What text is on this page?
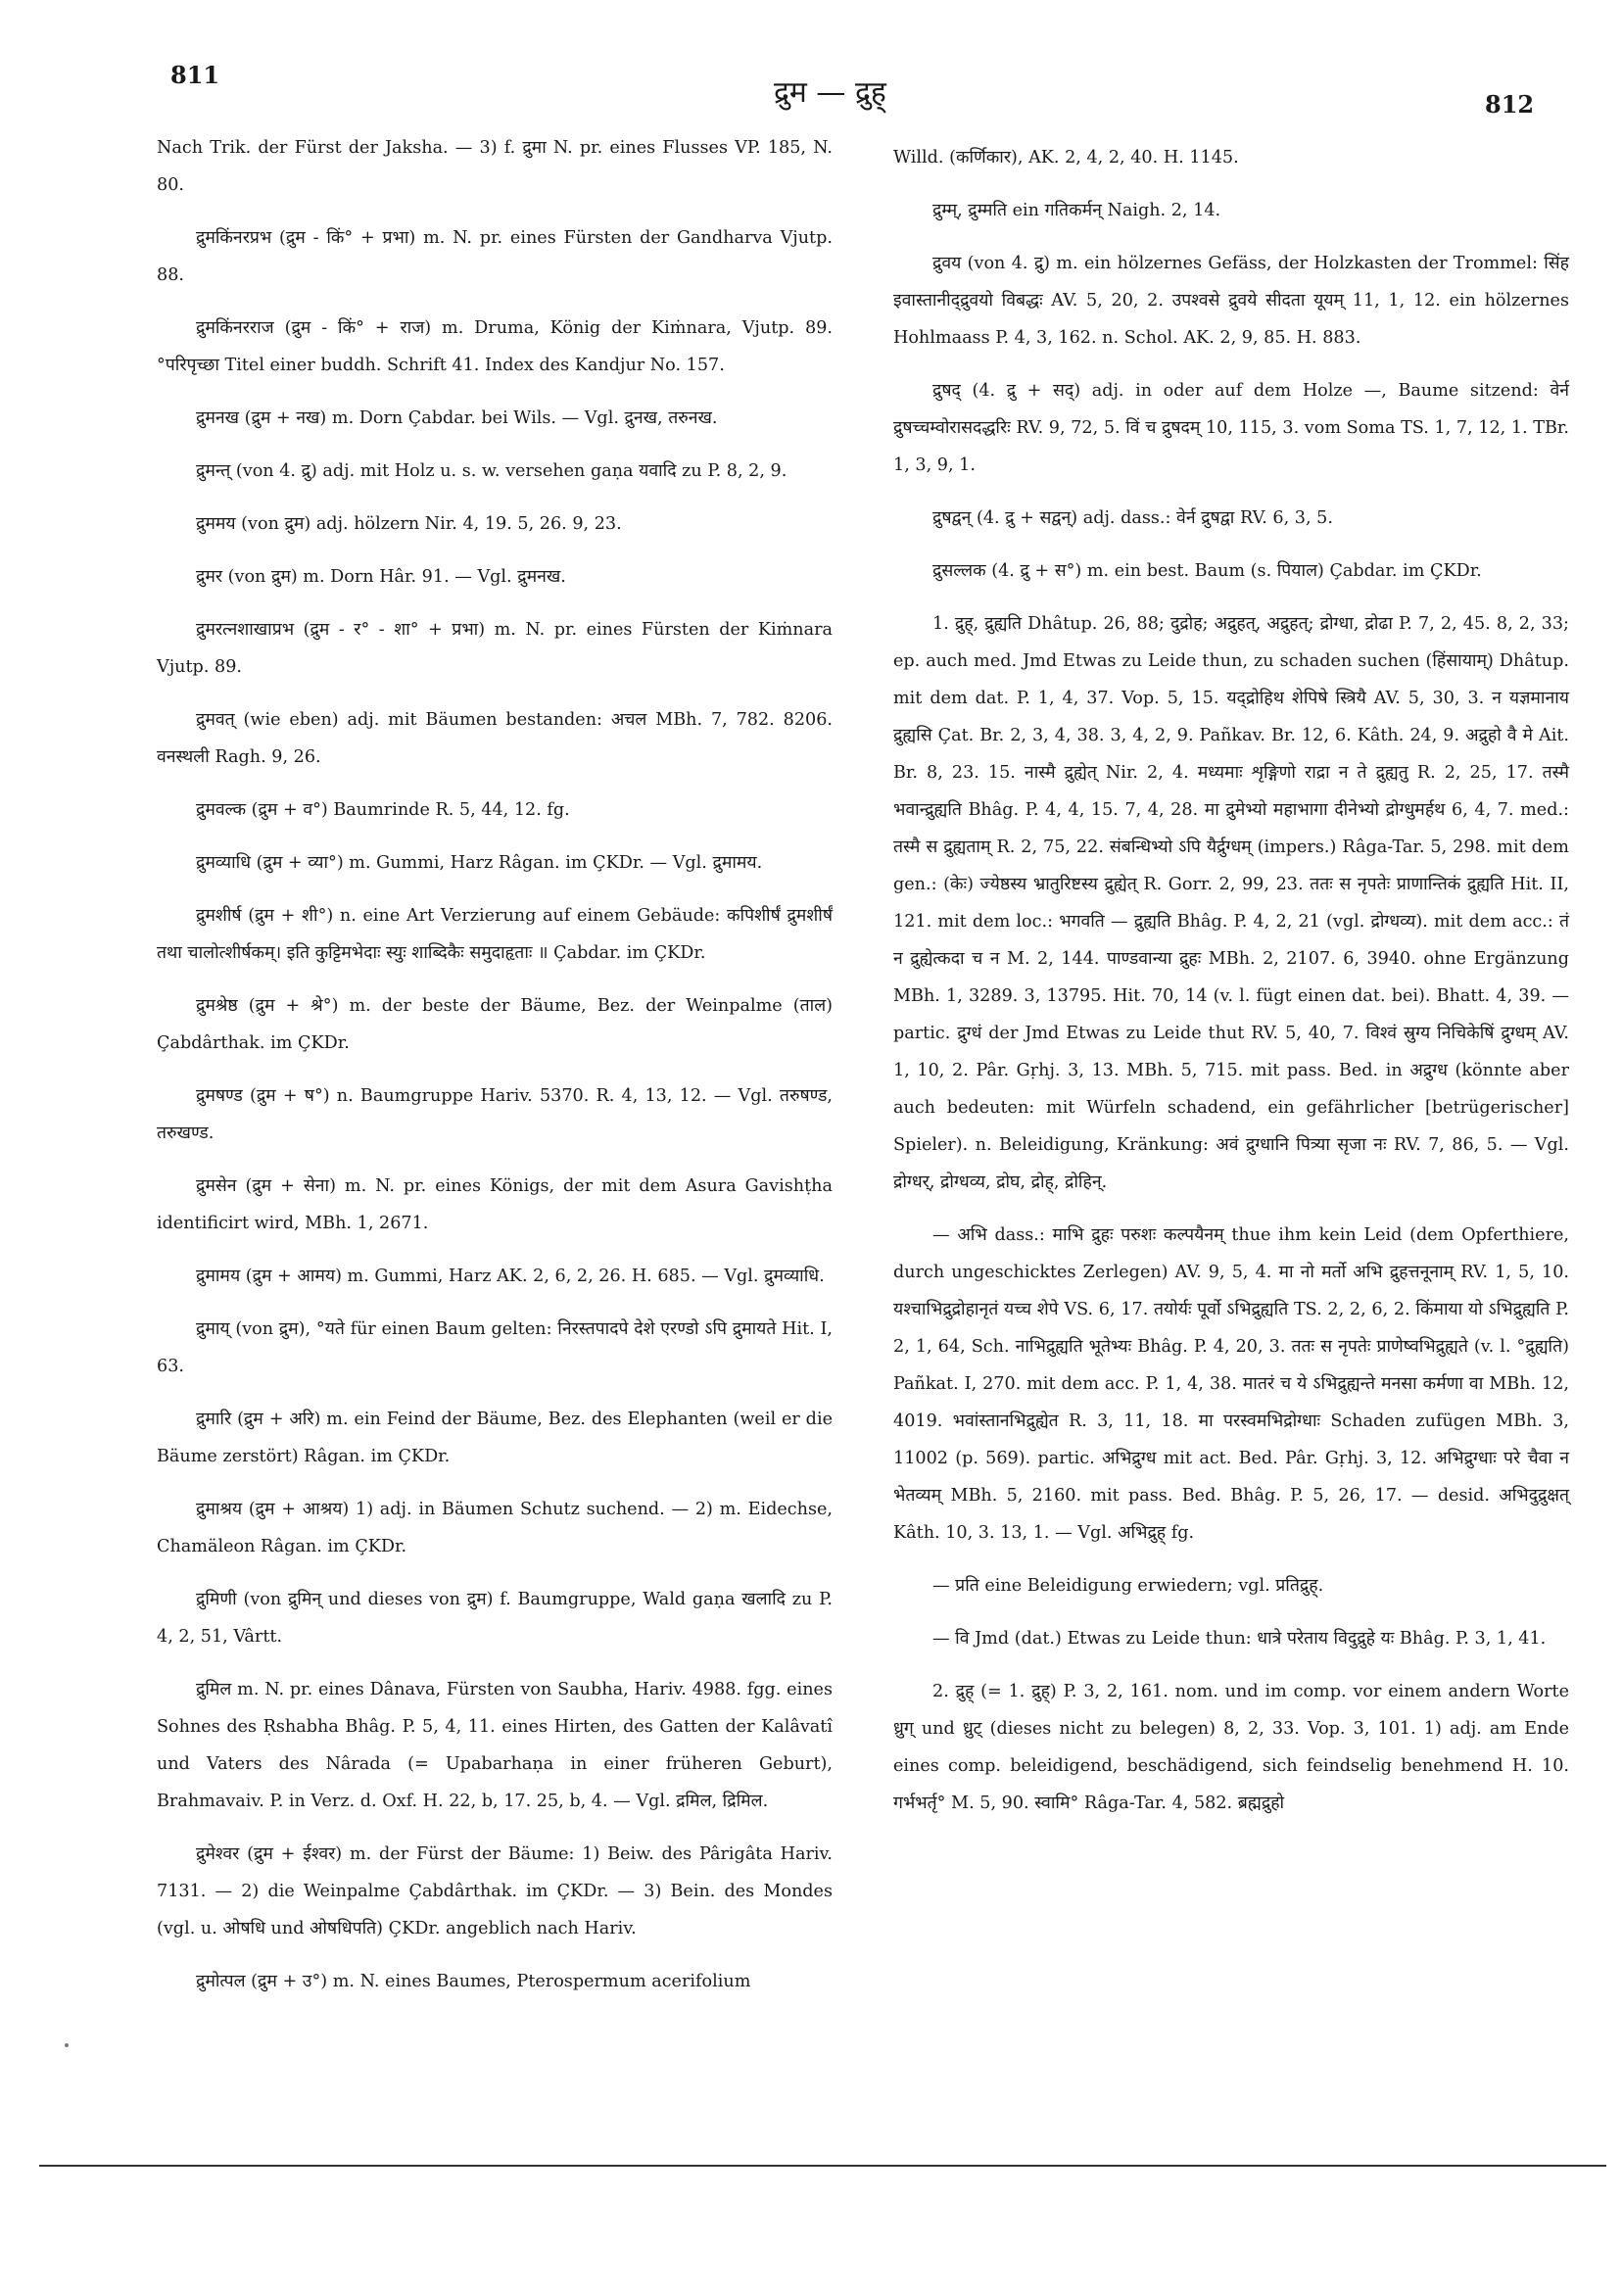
811
द्रुम — द्रुह्	812

Nach Trik. der Fürst der Jaksha. — 3) f. द्रुमा N. pr. eines Flusses VP. 185, N. 80.

द्रुमकिंनरप्रभ (द्रुम - किं° + प्रभा) m. N. pr. eines Fürsten der Gandharva Vjutp. 88.

द्रुमकिंनरराज (द्रुम - किं° + राज) m. Druma, König der Kiṁnara, Vjutp. 89. °परिपृच्छा Titel einer buddh. Schrift 41. Index des Kandjur No. 157.

द्रुमनख (द्रुम + नख) m. Dorn Çabdar. bei Wils. — Vgl. द्रुनख, तरुनख.

द्रुमन्त् (von 4. द्रु) adj. mit Holz u. s. w. versehen gaṇa यवादि zu P. 8, 2, 9.

द्रुममय (von द्रुम) adj. hölzern Nir. 4, 19. 5, 26. 9, 23.

द्रुमर (von द्रुम) m. Dorn Hâr. 91. — Vgl. द्रुमनख.

द्रुमरत्नशाखाप्रभ (द्रुम - र° - शा° + प्रभा) m. N. pr. eines Fürsten der Kiṁnara Vjutp. 89.

द्रुमवत् (wie eben) adj. mit Bäumen bestanden: अचल MBh. 7, 782. 8206. वनस्थली Ragh. 9, 26.

द्रुमवल्क (द्रुम + व°) Baumrinde R. 5, 44, 12. fg.

द्रुमव्याधि (द्रुम + व्या°) m. Gummi, Harz Râgan. im ÇKDr. — Vgl. द्रुमामय.

द्रुमशीर्ष (द्रुम + शी°) n. eine Art Verzierung auf einem Gebäude: कपिशीर्षं द्रुमशीर्षं तथा चालोत्शीर्षकम्। इति कुट्टिमभेदाः स्युः शाब्दिकैः समुदाहृताः ॥ Çabdar. im ÇKDr.

द्रुमश्रेष्ठ (द्रुम + श्रे°) m. der beste der Bäume, Bez. der Weinpalme (ताल) Çabdârthak. im ÇKDr.

द्रुमषण्ड (द्रुम + ष°) n. Baumgruppe Hariv. 5370. R. 4, 13, 12. — Vgl. तरुषण्ड, तरुखण्ड.

द्रुमसेन (द्रुम + सेना) m. N. pr. eines Königs, der mit dem Asura Gavishṭha identificirt wird, MBh. 1, 2671.

द्रुमामय (द्रुम + आमय) m. Gummi, Harz AK. 2, 6, 2, 26. H. 685. — Vgl. द्रुमव्याधि.

द्रुमाय् (von द्रुम), °यते für einen Baum gelten: निरस्तपादपे देशे एरण्डो ऽपि द्रुमायते Hit. I, 63.

द्रुमारि (द्रुम + अरि) m. ein Feind der Bäume, Bez. des Elephanten (weil er die Bäume zerstört) Râgan. im ÇKDr.

द्रुमाश्रय (द्रुम + आश्रय) 1) adj. in Bäumen Schutz suchend. — 2) m. Eidechse, Chamäleon Râgan. im ÇKDr.

द्रुमिणी (von द्रुमिन् und dieses von द्रुम) f. Baumgruppe, Wald gaṇa खलादि zu P. 4, 2, 51, Vârtt.

द्रुमिल m. N. pr. eines Dânava, Fürsten von Saubha, Hariv. 4988. fgg. eines Sohnes des Ṛshabha Bhâg. P. 5, 4, 11. eines Hirten, des Gatten der Kalâvatî und Vaters des Nârada (= Upabarhaṇa in einer früheren Geburt), Brahmavaiv. P. in Verz. d. Oxf. H. 22, b, 17. 25, b, 4. — Vgl. द्रमिल, द्रिमिल.

द्रुमेश्वर (द्रुम + ईश्वर) m. der Fürst der Bäume: 1) Beiw. des Pârigâta Hariv. 7131. — 2) die Weinpalme Çabdârthak. im ÇKDr. — 3) Bein. des Mondes (vgl. u. ओषधि und ओषधिपति) ÇKDr. angeblich nach Hariv.

द्रुमोत्पल (द्रुम + उ°) m. N. eines Baumes, Pterospermum acerifolium

Willd. (कर्णिकार), AK. 2, 4, 2, 40. H. 1145.

द्रुम्म्, द्रुम्मति ein गतिकर्मन् Naigh. 2, 14.

द्रुवय (von 4. द्रु) m. ein hölzernes Gefäss, der Holzkasten der Trommel: सिंह इवास्तानीद्द्रुवयो विबद्धः AV. 5, 20, 2. उपश्वसे द्रुवये सीदता यूयम् 11, 1, 12. ein hölzernes Hohlmaass P. 4, 3, 162. n. Schol. AK. 2, 9, 85. H. 883.

द्रुषद् (4. द्रु + सद्) adj. in oder auf dem Holze —, Baume sitzend: वेर्न द्रुषच्चम्वोरासदद्धरिः RV. 9, 72, 5. विं च द्रुषदम् 10, 115, 3. vom Soma TS. 1, 7, 12, 1. TBr. 1, 3, 9, 1.

द्रुषद्वन् (4. द्रु + सद्वन्) adj. dass.: वेर्न द्रुषद्वा RV. 6, 3, 5.

द्रुसल्लक (4. द्रु + स°) m. ein best. Baum (s. पियाल) Çabdar. im ÇKDr.

1. द्रुह्, द्रुह्यति Dhâtup. 26, 88; दुद्रोह; अद्रुहत्, अद्रुहत्; द्रोग्धा, द्रोढा P. 7, 2, 45. 8, 2, 33; ep. auch med. Jmd Etwas zu Leide thun, zu schaden suchen (हिंसायाम्) Dhâtup. mit dem dat. P. 1, 4, 37. Vop. 5, 15. यद्द्रोहिथ शेपिषे स्त्रियै AV. 5, 30, 3. न यज्ञमानाय द्रुह्यसि Çat. Br. 2, 3, 4, 38. 3, 4, 2, 9. Pañkav. Br. 12, 6. Kâth. 24, 9. अद्रुहो वै मे Ait. Br. 8, 23. 15. नास्मै द्रुह्येत् Nir. 2, 4. मध्यमाः शृङ्गिणो राद्रा न ते द्रुह्यतु R. 2, 25, 17. तस्मै भवान्द्रुह्यति Bhâg. P. 4, 4, 15. 7, 4, 28. मा द्रुमेभ्यो महाभागा दीनेभ्यो द्रोग्धुमर्हथ 6, 4, 7. med.: तस्मै स द्रुह्यताम् R. 2, 75, 22. संबन्धिभ्यो ऽपि यैर्द्रुग्धम् (impers.) Râga-Tar. 5, 298. mit dem gen.: (केः) ज्येष्ठस्य भ्रातुरिष्टस्य द्रुह्येत् R. Gorr. 2, 99, 23. ततः स नृपतेः प्राणान्तिकं द्रुह्यति Hit. II, 121. mit dem loc.: भगवति — द्रुह्यति Bhâg. P. 4, 2, 21 (vgl. द्रोग्धव्य). mit dem acc.: तं न द्रुह्येत्कदा च न M. 2, 144. पाण्डवान्या द्रुहः MBh. 2, 2107. 6, 3940. ohne Ergänzung MBh. 1, 3289. 3, 13795. Hit. 70, 14 (v. l. fügt einen dat. bei). Bhatt. 4, 39. — partic. द्रुग्धं der Jmd Etwas zu Leide thut RV. 5, 40, 7. विश्वं स्रुग्य निचिकेषिं द्रुग्धम् AV. 1, 10, 2. Pâr. Gṛhj. 3, 13. MBh. 5, 715. mit pass. Bed. in अद्रुग्ध (könnte aber auch bedeuten: mit Würfeln schadend, ein gefährlicher [betrügerischer] Spieler). n. Beleidigung, Kränkung: अवं द्रुग्धानि पित्र्या सृजा नः RV. 7, 86, 5. — Vgl. द्रोग्धर्, द्रोग्धव्य, द्रोघ, द्रोह्, द्रोहिन्.

— अभि dass.: माभि द्रुहः परुशः कल्पयैनम् thue ihm kein Leid (dem Opferthiere, durch ungeschicktes Zerlegen) AV. 9, 5, 4. मा नो मर्तो अभि द्रुहत्तनूनाम् RV. 1, 5, 10. यश्चाभिद्रुद्रोहानृतं यच्च शेपे VS. 6, 17. तयोर्यः पूर्वो ऽभिद्रुह्यति TS. 2, 2, 6, 2. किंमाया यो ऽभिद्रुह्यति P. 2, 1, 64, Sch. नाभिद्रुह्यति भूतेभ्यः Bhâg. P. 4, 20, 3. ततः स नृपतेः प्राणेष्वभिद्रुह्यते (v. l. °द्रुह्यति) Pañkat. I, 270. mit dem acc. P. 1, 4, 38. मातरं च ये ऽभिद्रुह्यन्ते मनसा कर्मणा वा MBh. 12, 4019. भवांस्तानभिद्रुह्येत R. 3, 11, 18. मा परस्वमभिद्रोग्धाः Schaden zufügen MBh. 3, 11002 (p. 569). partic. अभिद्रुग्ध mit act. Bed. Pâr. Gṛhj. 3, 12. अभिद्रुग्धाः परे चैवा न भेतव्यम् MBh. 5, 2160. mit pass. Bed. Bhâg. P. 5, 26, 17. — desid. अभिदुद्रुक्षत् Kâth. 10, 3. 13, 1. — Vgl. अभिद्रुह् fg.

— प्रति eine Beleidigung erwiedern; vgl. प्रतिद्रुह्.

— वि Jmd (dat.) Etwas zu Leide thun: धात्रे परेताय विदुद्रुहे यः Bhâg. P. 3, 1, 41.

2. द्रुह् (= 1. द्रुह्) P. 3, 2, 161. nom. und im comp. vor einem andern Worte ध्रुग् und ध्रुट् (dieses nicht zu belegen) 8, 2, 33. Vop. 3, 101. 1) adj. am Ende eines comp. beleidigend, beschädigend, sich feindselig benehmend H. 10. गर्भभर्तृ° M. 5, 90. स्वामि° Râga-Tar. 4, 582. ब्रह्मद्रुहो
